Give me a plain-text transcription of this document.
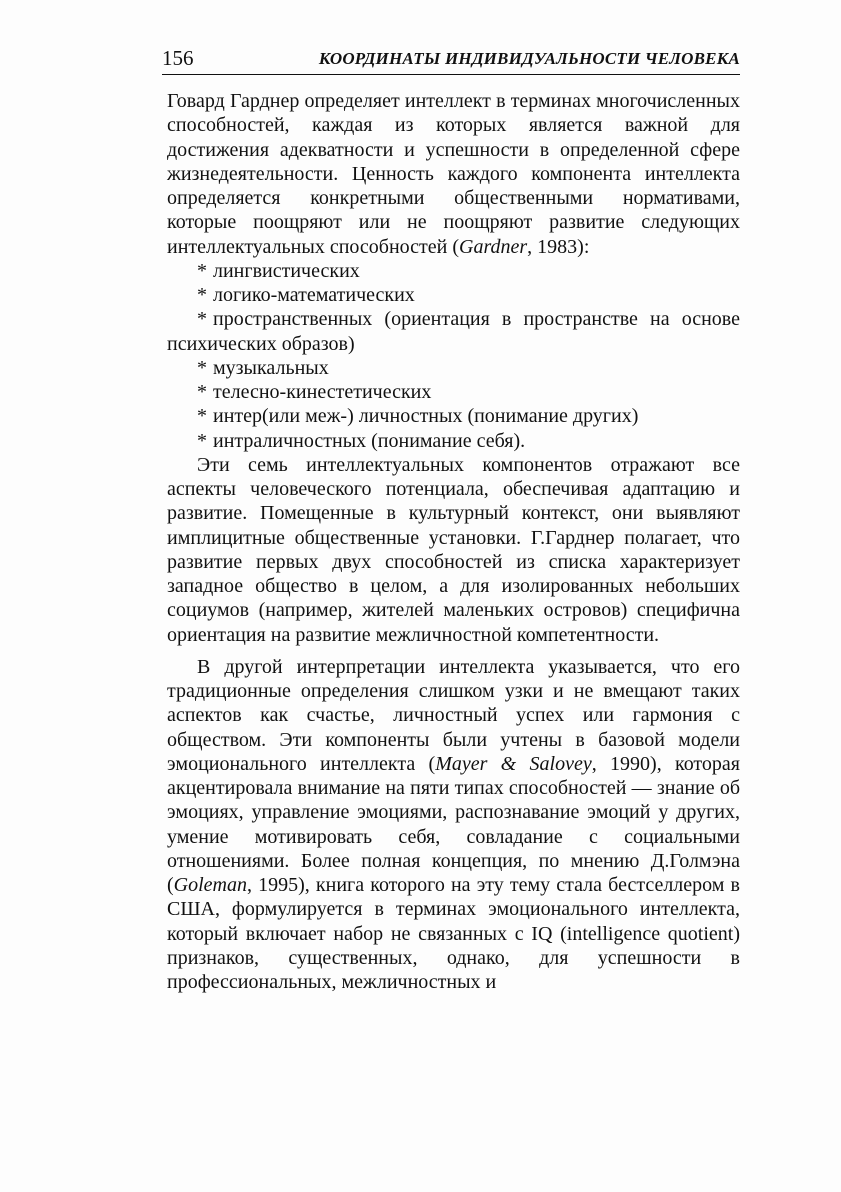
156	КООРДИНАТЫ ИНДИВИДУАЛЬНОСТИ ЧЕЛОВЕКА

Говард Гарднер определяет интеллект в терминах многочисленных способностей, каждая из которых является важной для достижения адекватности и успешности в определенной сфере жизнедеятельности. Ценность каждого компонента интеллекта определяется конкретными общественными нормативами, которые поощряют или не поощряют развитие следующих интеллектуальных способностей (Gardner, 1983):

* лингвистических

* логико-математических

* пространственных (ориентация в пространстве на основе психических образов)

* музыкальных

* телесно-кинестетических

* интер(или меж-) личностных (понимание других)

* интраличностных (понимание себя).

Эти семь интеллектуальных компонентов отражают все аспекты человеческого потенциала, обеспечивая адаптацию и развитие. Помещенные в культурный контекст, они выявляют имплицитные общественные установки. Г.Гарднер полагает, что развитие первых двух способностей из списка характеризует западное общество в целом, а для изолированных небольших социумов (например, жителей маленьких островов) специфична ориентация на развитие межличностной компетентности.

В другой интерпретации интеллекта указывается, что его традиционные определения слишком узки и не вмещают таких аспектов как счастье, личностный успех или гармония с обществом. Эти компоненты были учтены в базовой модели эмоционального интеллекта (Mayer & Salovey, 1990), которая акцентировала внимание на пяти типах способностей — знание об эмоциях, управление эмоциями, распознавание эмоций у других, умение мотивировать себя, совладание с социальными отношениями. Более полная концепция, по мнению Д.Голмэна (Goleman, 1995), книга которого на эту тему стала бестселлером в США, формулируется в терминах эмоционального интеллекта, который включает набор не связанных с IQ (intelligence quotient) признаков, существенных, однако, для успешности в профессиональных, межличностных и
